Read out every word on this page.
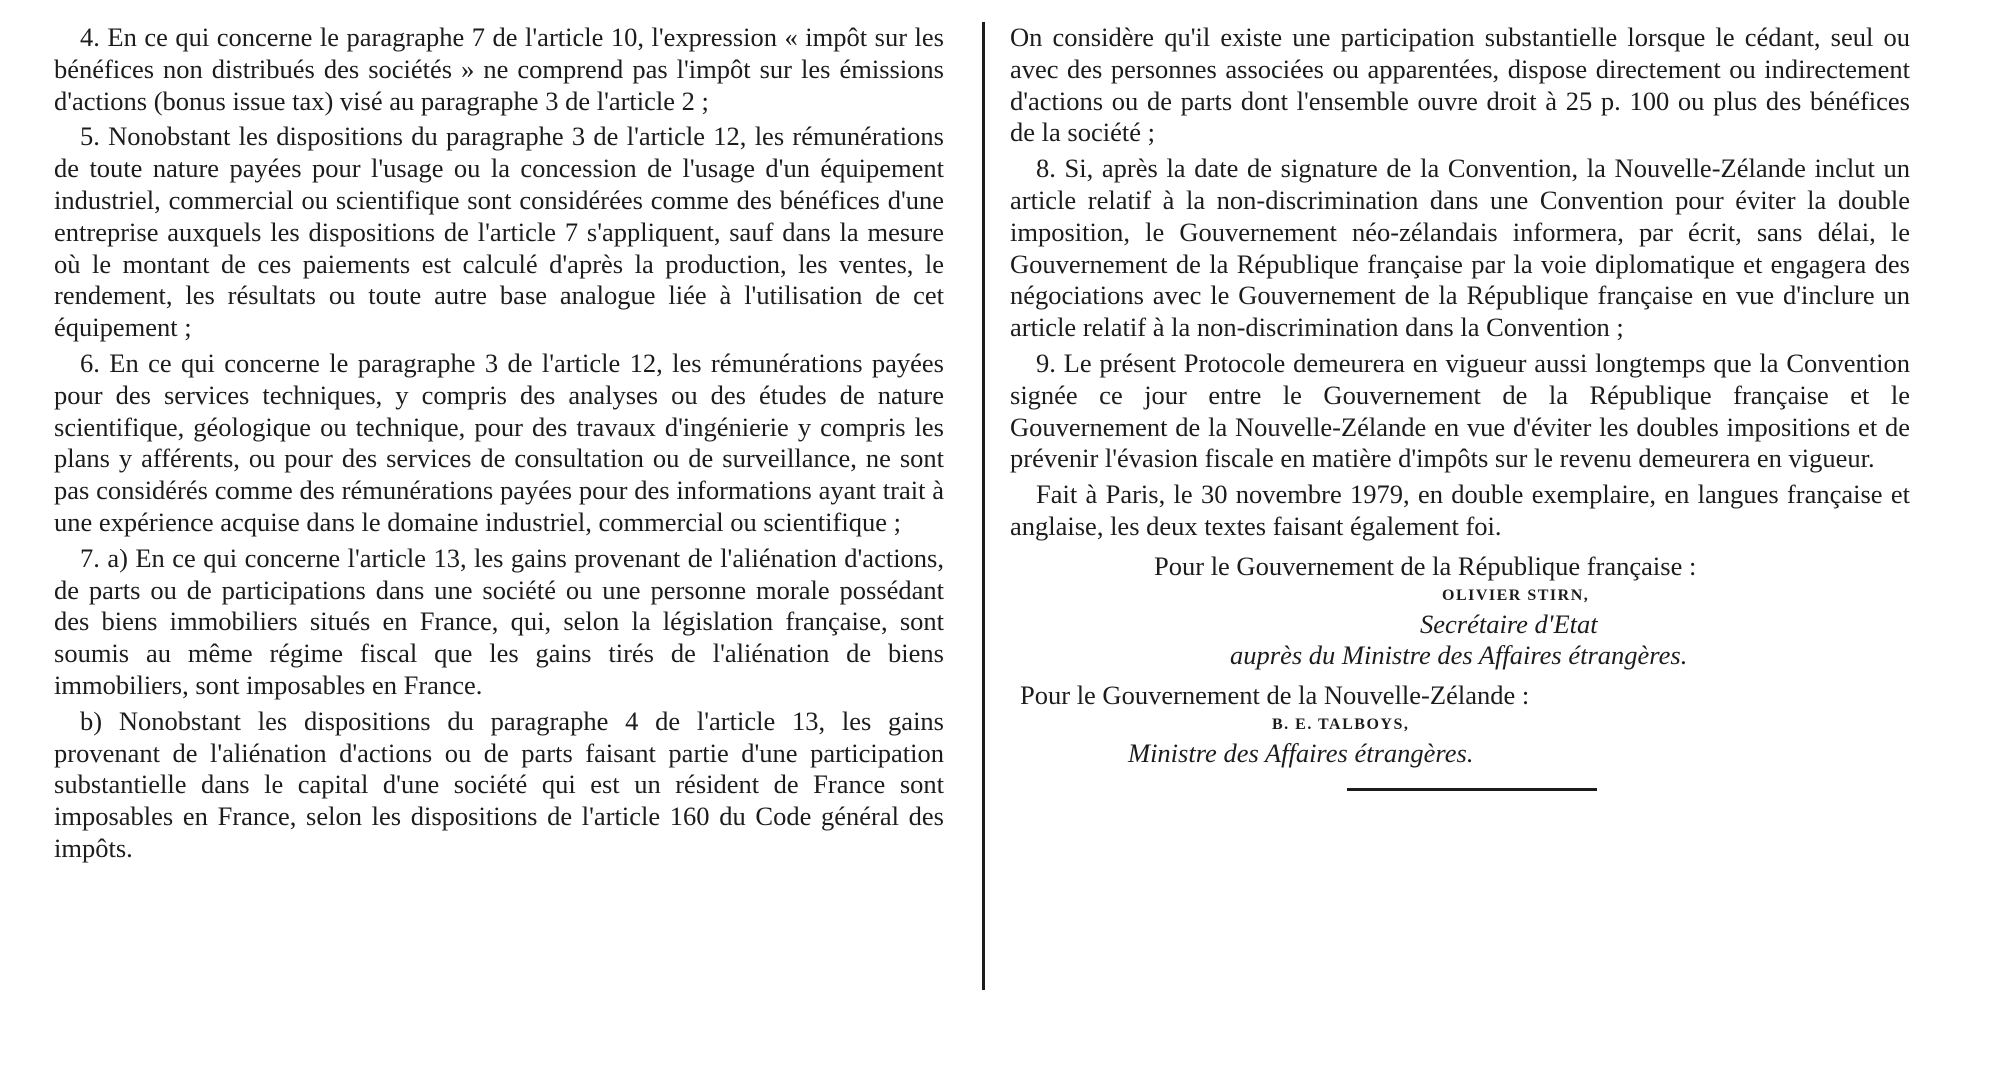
4. En ce qui concerne le paragraphe 7 de l'article 10, l'expression « impôt sur les bénéfices non distribués des sociétés » ne comprend pas l'impôt sur les émissions d'actions (bonus issue tax) visé au paragraphe 3 de l'article 2 ;

5. Nonobstant les dispositions du paragraphe 3 de l'article 12, les rémunérations de toute nature payées pour l'usage ou la concession de l'usage d'un équipement industriel, commercial ou scientifique sont considérées comme des bénéfices d'une entreprise auxquels les dispositions de l'article 7 s'appliquent, sauf dans la mesure où le montant de ces paiements est calculé d'après la production, les ventes, le rendement, les résultats ou toute autre base analogue liée à l'utilisation de cet équipement ;

6. En ce qui concerne le paragraphe 3 de l'article 12, les rémunérations payées pour des services techniques, y compris des analyses ou des études de nature scientifique, géologique ou technique, pour des travaux d'ingénierie y compris les plans y afférents, ou pour des services de consultation ou de surveillance, ne sont pas considérés comme des rémunérations payées pour des informations ayant trait à une expérience acquise dans le domaine industriel, commercial ou scientifique ;

7. a) En ce qui concerne l'article 13, les gains provenant de l'aliénation d'actions, de parts ou de participations dans une société ou une personne morale possédant des biens immobiliers situés en France, qui, selon la législation française, sont soumis au même régime fiscal que les gains tirés de l'aliénation de biens immobiliers, sont imposables en France.

b) Nonobstant les dispositions du paragraphe 4 de l'article 13, les gains provenant de l'aliénation d'actions ou de parts faisant partie d'une participation substantielle dans le capital d'une société qui est un résident de France sont imposables en France, selon les dispositions de l'article 160 du Code général des impôts.

On considère qu'il existe une participation substantielle lorsque le cédant, seul ou avec des personnes associées ou apparentées, dispose directement ou indirectement d'actions ou de parts dont l'ensemble ouvre droit à 25 p. 100 ou plus des bénéfices de la société ;

8. Si, après la date de signature de la Convention, la Nouvelle-Zélande inclut un article relatif à la non-discrimination dans une Convention pour éviter la double imposition, le Gouvernement néo-zélandais informera, par écrit, sans délai, le Gouvernement de la République française par la voie diplomatique et engagera des négociations avec le Gouvernement de la République française en vue d'inclure un article relatif à la non-discrimination dans la Convention ;

9. Le présent Protocole demeurera en vigueur aussi longtemps que la Convention signée ce jour entre le Gouvernement de la République française et le Gouvernement de la Nouvelle-Zélande en vue d'éviter les doubles impositions et de prévenir l'évasion fiscale en matière d'impôts sur le revenu demeurera en vigueur.

Fait à Paris, le 30 novembre 1979, en double exemplaire, en langues française et anglaise, les deux textes faisant également foi.

Pour le Gouvernement de la République française :

OLIVIER STIRN,

Secrétaire d'Etat

auprès du Ministre des Affaires étrangères.

Pour le Gouvernement de la Nouvelle-Zélande :

B. E. TALBOYS,

Ministre des Affaires étrangères.
